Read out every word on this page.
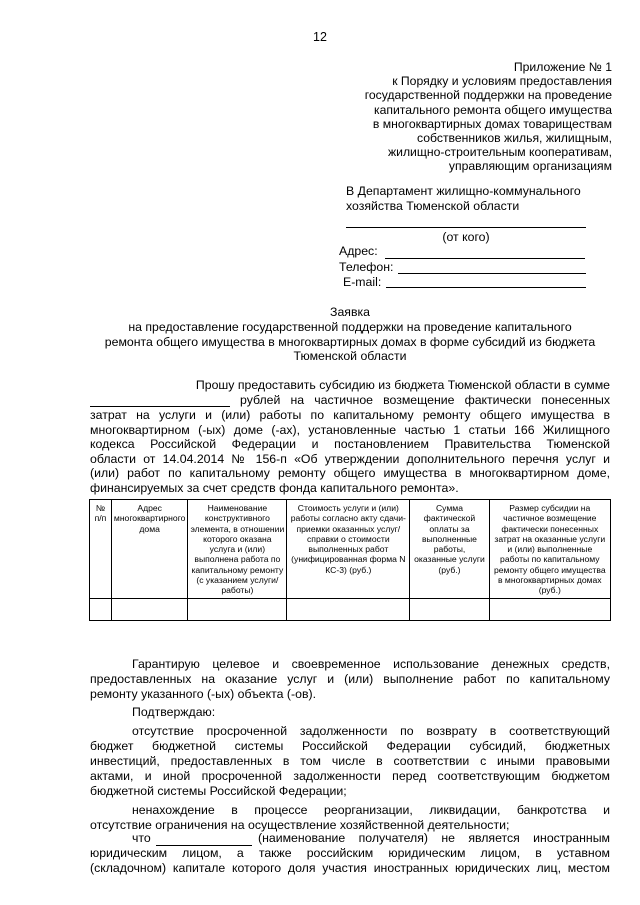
12
Приложение № 1
к Порядку и условиям предоставления
государственной поддержки на проведение
капитального ремонта общего имущества
в многоквартирных домах товариществам
собственников жилья, жилищным,
жилищно-строительным кооперативам,
управляющим организациям
В Департамент жилищно-коммунального
хозяйства Тюменской области
(от кого)
Адрес:
Телефон:
E-mail:
Заявка
на предоставление государственной поддержки на проведение капитального
ремонта общего имущества в многоквартирных домах в форме субсидий из бюджета
Тюменской области
Прошу предоставить субсидию из бюджета Тюменской области в сумме
рублей на частичное возмещение фактически понесенных
затрат на услуги и (или) работы по капитальному ремонту общего имущества в
многоквартирном (-ых) доме (-ах), установленные частью 1 статьи 166 Жилищного
кодекса Российской Федерации и постановлением Правительства Тюменской
области от 14.04.2014 № 156-п «Об утверждении дополнительного перечня услуг и
(или) работ по капитальному ремонту общего имущества в многоквартирном доме,
финансируемых за счет средств фонда капитального ремонта».
№ п/п	Адрес многоквартирного дома	Наименование конструктивного элемента, в отношении которого оказана услуга и (или) выполнена работа по капитальному ремонту (с указанием услуги/работы)	Стоимость услуги и (или) работы согласно акту сдачи-приемки оказанных услуг/справки о стоимости выполненных работ (унифицированная форма N КС-3) (руб.)	Сумма фактической оплаты за выполненные работы, оказанные услуги (руб.)	Размер субсидии на частичное возмещение фактически понесенных затрат на оказанные услуги и (или) выполненные работы по капитальному ремонту общего имущества в многоквартирных домах (руб.)

Гарантирую целевое и своевременное использование денежных средств,
предоставленных на оказание услуг и (или) выполнение работ по капитальному
ремонту указанного (-ых) объекта (-ов).
Подтверждаю:
отсутствие просроченной задолженности по возврату в соответствующий
бюджет бюджетной системы Российской Федерации субсидий, бюджетных
инвестиций, предоставленных в том числе в соответствии с иными правовыми
актами, и иной просроченной задолженности перед соответствующим бюджетом
бюджетной системы Российской Федерации;
ненахождение в процессе реорганизации, ликвидации, банкротства и
отсутствие ограничения на осуществление хозяйственной деятельности;
что	(наименование получателя) не является иностранным
юридическим лицом, а также российским юридическим лицом, в уставном
(складочном) капитале которого доля участия иностранных юридических лиц, местом
